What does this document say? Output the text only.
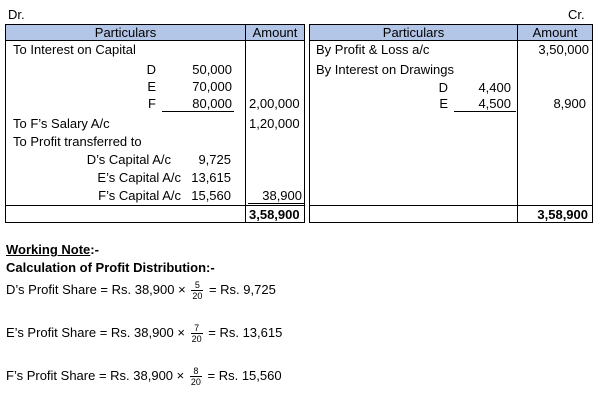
Dr.	Cr.
Particulars	Amount	Particulars	Amount
To Interest on Capital
D	50,000
E	70,000
F	80,000 2,00,000
To F’s Salary A/c	1,20,000
To Profit transferred to
D’s Capital A/c	9,725
E’s Capital A/c 13,615
F’s Capital A/c 15,560	38,900
3,58,900
By Profit & Loss a/c	3,50,000
By Interest on Drawings
D	4,400
E	4,500	8,900
3,58,900
Working Note:-
Calculation of Profit Distribution:-
D’s Profit Share = Rs. $38,900 \times \frac{5}{20} = Rs$. 9,725
E’s Profit Share = Rs. $38,900 \times \frac{7}{20} = Rs$. 13,615
F’s Profit Share = Rs. $38,900 \times \frac{8}{20} = Rs$. 15,560
